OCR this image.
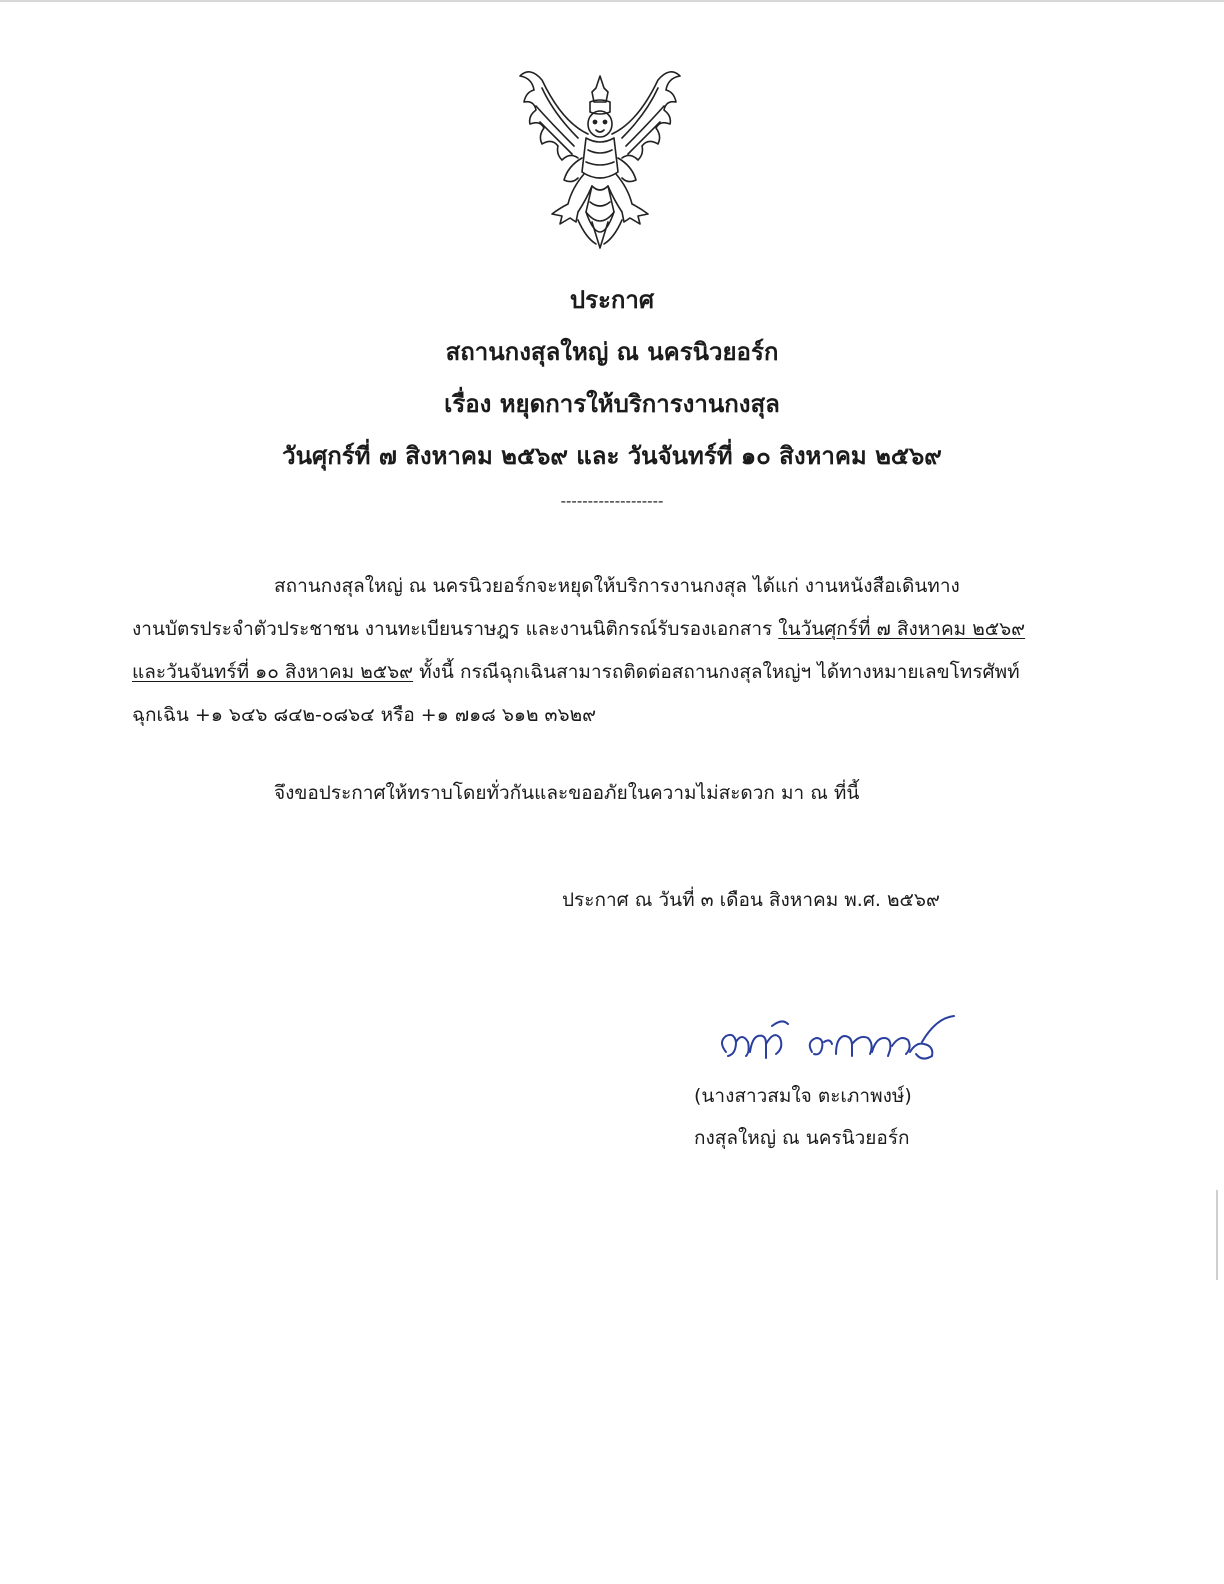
ประกาศ
สถานกงสุลใหญ่ ณ นครนิวยอร์ก
เรื่อง หยุดการให้บริการงานกงสุล
วันศุกร์ที่ ๗ สิงหาคม ๒๕๖๙ และ วันจันทร์ที่ ๑๐ สิงหาคม ๒๕๖๙
-------------------
สถานกงสุลใหญ่ ณ นครนิวยอร์กจะหยุดให้บริการงานกงสุล ได้แก่ งานหนังสือเดินทาง
งานบัตรประจำตัวประชาชน งานทะเบียนราษฎร และงานนิติกรณ์รับรองเอกสาร ในวันศุกร์ที่ ๗ สิงหาคม ๒๕๖๙
และวันจันทร์ที่ ๑๐ สิงหาคม ๒๕๖๙ ทั้งนี้ กรณีฉุกเฉินสามารถติดต่อสถานกงสุลใหญ่ฯ ได้ทางหมายเลขโทรศัพท์
ฉุกเฉิน +๑ ๖๔๖ ๘๔๒-๐๘๖๔ หรือ +๑ ๗๑๘ ๖๑๒ ๓๖๒๙
จึงขอประกาศให้ทราบโดยทั่วกันและขออภัยในความไม่สะดวก มา ณ ที่นี้
ประกาศ ณ วันที่ ๓ เดือน สิงหาคม พ.ศ. ๒๕๖๙
(นางสาวสมใจ ตะเภาพงษ์)
กงสุลใหญ่ ณ นครนิวยอร์ก
